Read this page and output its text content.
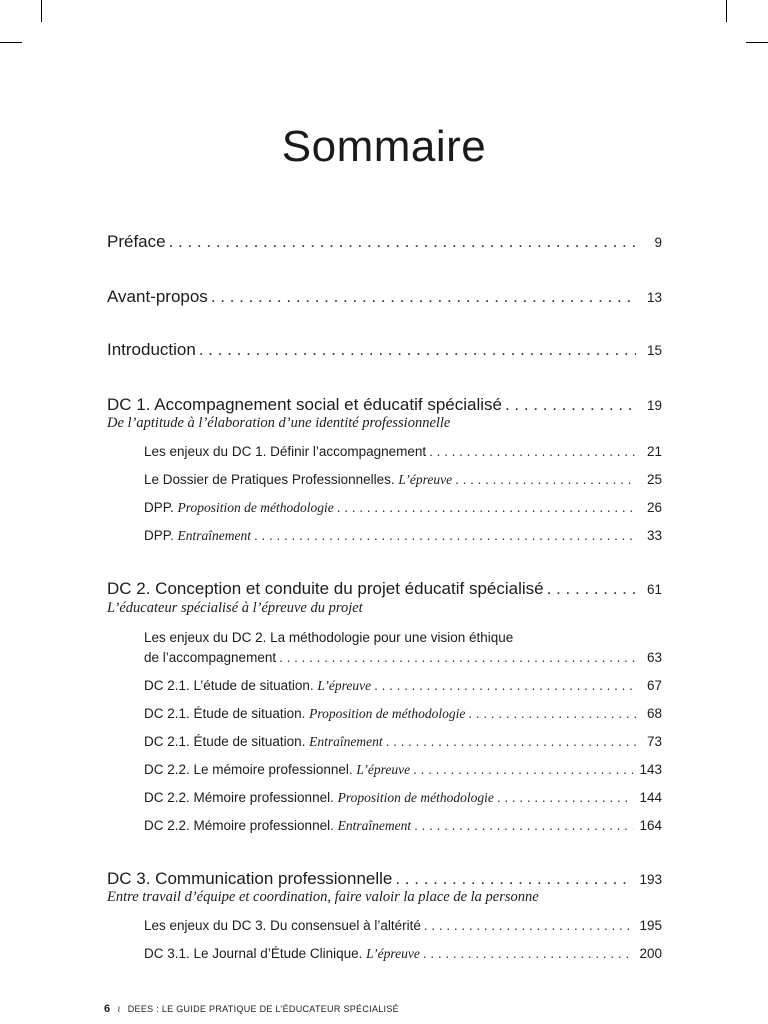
Sommaire
Préface . . .	9
Avant-propos . . .	13
Introduction . . .	15
DC 1. Accompagnement social et éducatif spécialisé . . .	19
De l’aptitude à l’élaboration d’une identité professionnelle
Les enjeux du DC 1. Définir l’accompagnement . . .	21
Le Dossier de Pratiques Professionnelles. L’épreuve . . .	25
DPP. Proposition de méthodologie . . .	26
DPP. Entraînement . . .	33
DC 2. Conception et conduite du projet éducatif spécialisé . . .	61
L’éducateur spécialisé à l’épreuve du projet
Les enjeux du DC 2. La méthodologie pour une vision éthique
de l’accompagnement . . .	63
DC 2.1. L’étude de situation. L’épreuve . . .	67
DC 2.1. Étude de situation. Proposition de méthodologie . . .	68
DC 2.1. Étude de situation. Entraînement . . .	73
DC 2.2. Le mémoire professionnel. L’épreuve . . .	143
DC 2.2. Mémoire professionnel. Proposition de méthodologie . . .	144
DC 2.2. Mémoire professionnel. Entraînement . . .	164
DC 3. Communication professionnelle . . .	193
Entre travail d’équipe et coordination, faire valoir la place de la personne
Les enjeux du DC 3. Du consensuel à l’altérité . . .	195
DC 3.1. Le Journal d’Étude Clinique. L’épreuve . . .	200
6 ≀ DEES : LE GUIDE PRATIQUE DE L’ÉDUCATEUR SPÉCIALISÉ
